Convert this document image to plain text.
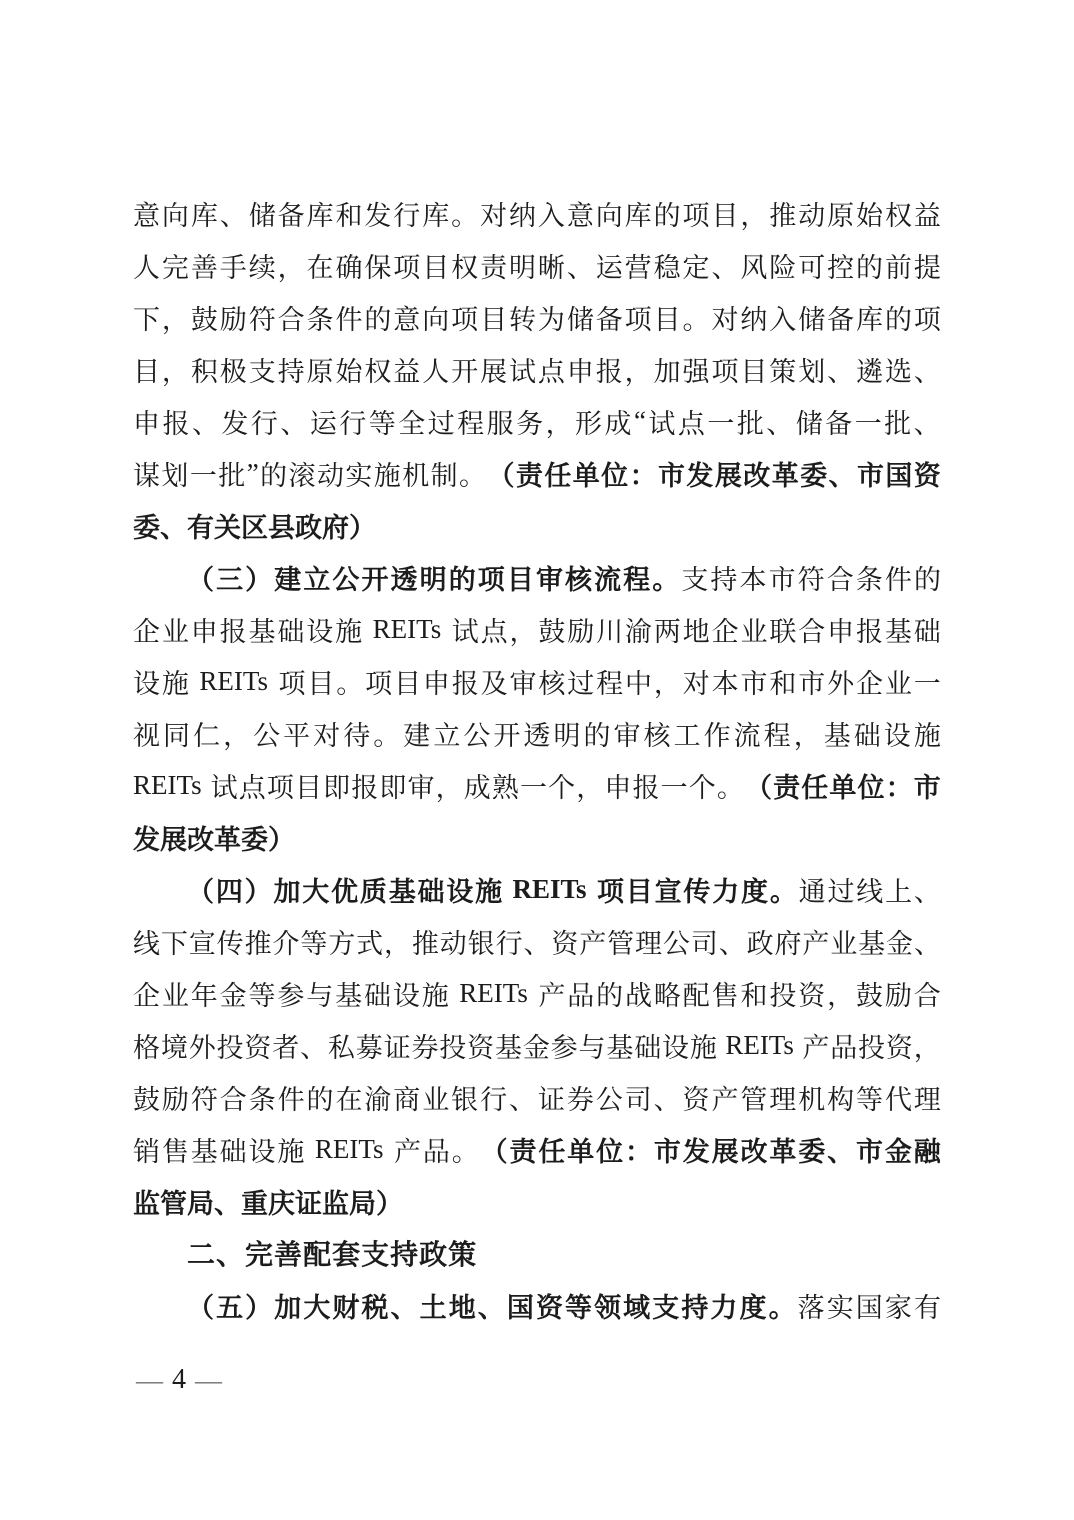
意 向 库 、 储 备 库 和 发 行 库 。 对 纳 入 意 向 库 的 项 目 ， 推 动 原 始 权 益
人 完 善 手 续 ， 在 确 保 项 目 权 责 明 晰 、 运 营 稳 定 、 风 险 可 控 的 前 提
下 ， 鼓 励 符 合 条 件 的 意 向 项 目 转 为 储 备 项 目 。 对 纳 入 储 备 库 的 项
目 ， 积 极 支 持 原 始 权 益 人 开 展 试 点 申 报 ， 加 强 项 目 策 划 、 遴 选 、
申 报 、 发 行 、 运 行 等 全 过 程 服 务 ， 形 成 “ 试 点 一 批 、 储 备 一 批 、
谋 划 一 批 ” 的 滚 动 实 施 机 制 。 （ 责 任 单 位 ： 市 发 展 改 革 委 、 市 国 资
委 、 有 关 区 县 政 府 ）
（ 三 ） 建 立 公 开 透 明 的 项 目 审 核 流 程 。 支 持 本 市 符 合 条 件 的
企 业 申 报 基 础 设 施
REITs
试 点 ， 鼓 励 川 渝 两 地 企 业 联 合 申 报 基 础
设 施
REITs
项 目 。 项 目 申 报 及 审 核 过 程 中 ， 对 本 市 和 市 外 企 业 一
视 同 仁 ， 公 平 对 待 。 建 立 公 开 透 明 的 审 核 工 作 流 程 ， 基 础 设 施
REITs
试 点 项 目 即 报 即 审 ， 成 熟 一 个 ， 申 报 一 个 。 （ 责 任 单 位 ： 市
发 展 改 革 委 ）
（ 四 ） 加 大 优 质 基 础 设 施
REITs
项 目 宣 传 力 度 。 通 过 线 上 、
线 下 宣 传 推 介 等 方 式 ， 推 动 银 行 、 资 产 管 理 公 司 、 政 府 产 业 基 金 、
企 业 年 金 等 参 与 基 础 设 施
REITs
产 品 的 战 略 配 售 和 投 资 ， 鼓 励 合
格 境 外 投 资 者 、 私 募 证 券 投 资 基 金 参 与 基 础 设 施
REITs
产 品 投 资 ，
鼓 励 符 合 条 件 的 在 渝 商 业 银 行 、 证 券 公 司 、 资 产 管 理 机 构 等 代 理
销 售 基 础 设 施
REITs
产 品 。 （ 责 任 单 位 ： 市 发 展 改 革 委 、 市 金 融
监 管 局 、 重 庆 证 监 局 ）
二 、 完 善 配 套 支 持 政 策
（ 五 ） 加 大 财 税 、 土 地 、 国 资 等 领 域 支 持 力 度 。 落 实 国 家 有
— 4 —
